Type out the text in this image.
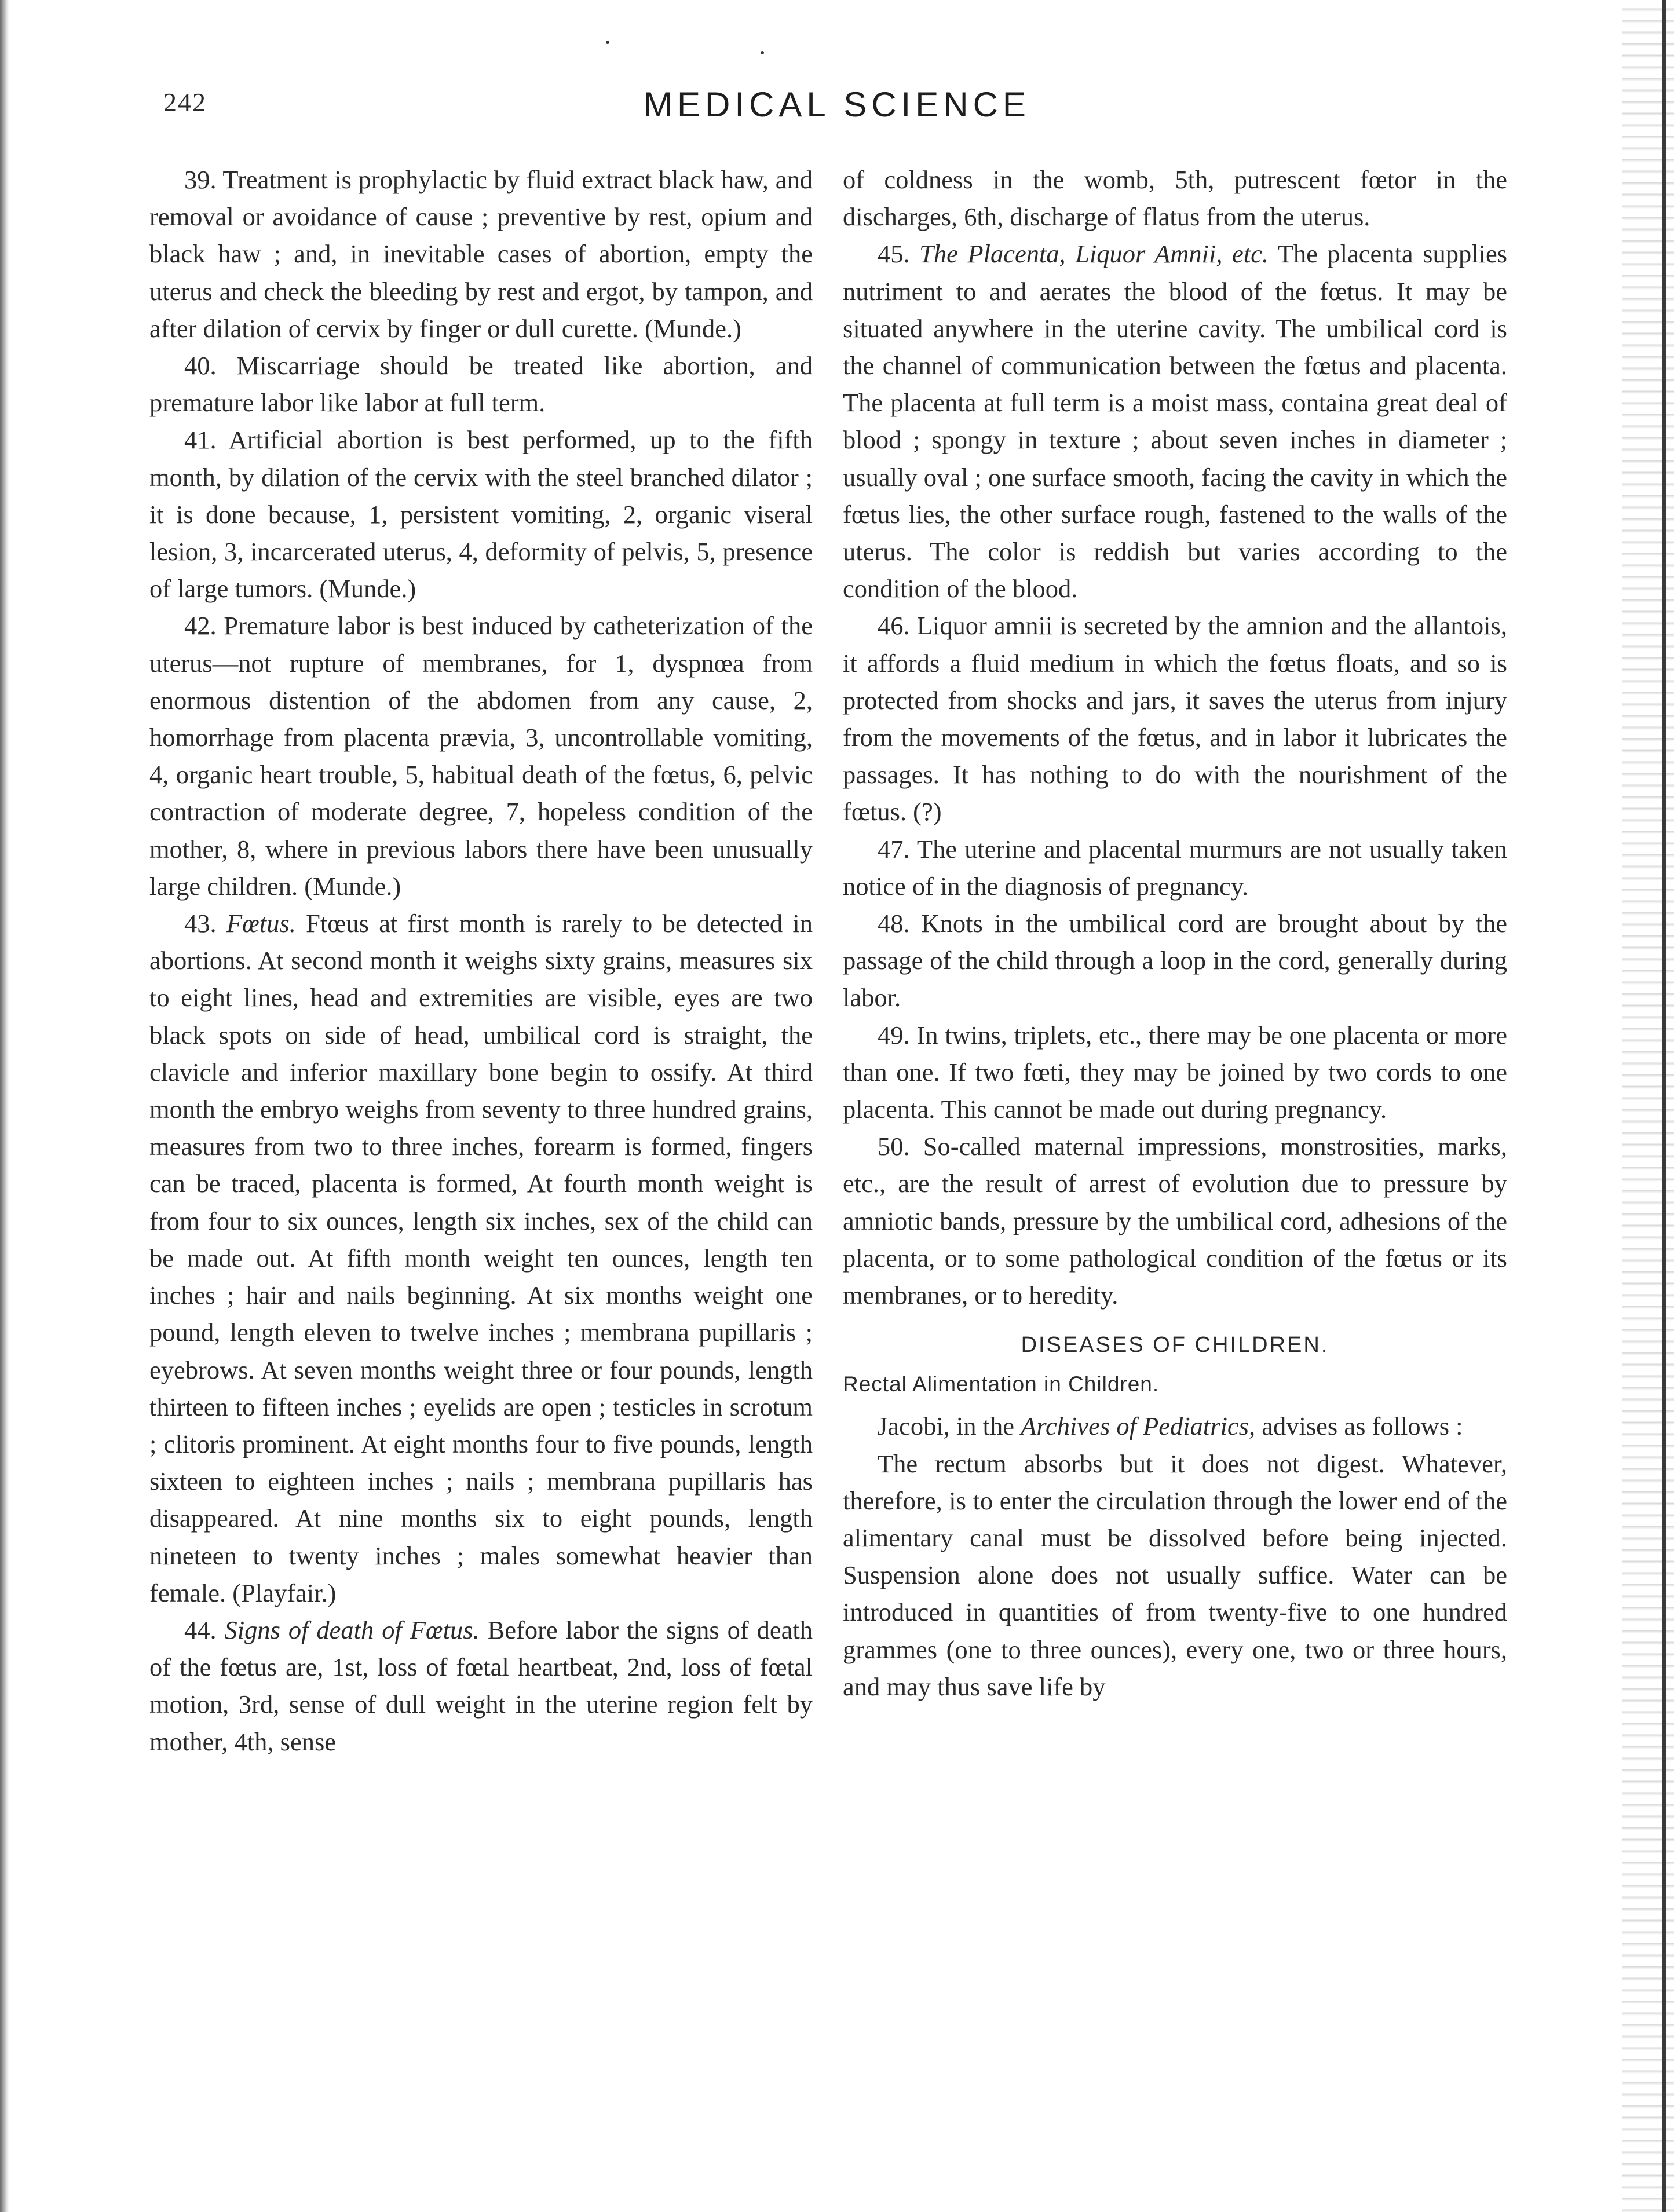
242	MEDICAL SCIENCE

39. Treatment is prophylactic by fluid extract black haw, and removal or avoidance of cause ; preventive by rest, opium and black haw ; and, in inevitable cases of abortion, empty the uterus and check the bleeding by rest and ergot, by tampon, and after dilation of cervix by finger or dull curette. (Munde.)

40. Miscarriage should be treated like abortion, and premature labor like labor at full term.

41. Artificial abortion is best performed, up to the fifth month, by dilation of the cervix with the steel branched dilator ; it is done because, 1, persistent vomiting, 2, organic viseral lesion, 3, incarcerated uterus, 4, deformity of pelvis, 5, presence of large tumors. (Munde.)

42. Premature labor is best induced by catheterization of the uterus—not rupture of membranes, for 1, dyspnœa from enormous distention of the abdomen from any cause, 2, homorrhage from placenta prævia, 3, uncontrollable vomiting, 4, organic heart trouble, 5, habitual death of the fœtus, 6, pelvic contraction of moderate degree, 7, hopeless condition of the mother, 8, where in previous labors there have been unusually large children. (Munde.)

43. Fœtus. Ftœus at first month is rarely to be detected in abortions. At second month it weighs sixty grains, measures six to eight lines, head and extremities are visible, eyes are two black spots on side of head, umbilical cord is straight, the clavicle and inferior maxillary bone begin to ossify. At third month the embryo weighs from seventy to three hundred grains, measures from two to three inches, forearm is formed, fingers can be traced, placenta is formed, At fourth month weight is from four to six ounces, length six inches, sex of the child can be made out. At fifth month weight ten ounces, length ten inches ; hair and nails beginning. At six months weight one pound, length eleven to twelve inches ; membrana pupillaris ; eyebrows. At seven months weight three or four pounds, length thirteen to fifteen inches ; eyelids are open ; testicles in scrotum ; clitoris prominent. At eight months four to five pounds, length sixteen to eighteen inches ; nails ; membrana pupillaris has disappeared. At nine months six to eight pounds, length nineteen to twenty inches ; males somewhat heavier than female. (Playfair.)

44. Signs of death of Fœtus. Before labor the signs of death of the fœtus are, 1st, loss of fœtal heartbeat, 2nd, loss of fœtal motion, 3rd, sense of dull weight in the uterine region felt by mother, 4th, sense

of coldness in the womb, 5th, putrescent fœtor in the discharges, 6th, discharge of flatus from the uterus.

45. The Placenta, Liquor Amnii, etc. The placenta supplies nutriment to and aerates the blood of the fœtus. It may be situated anywhere in the uterine cavity. The umbilical cord is the channel of communication between the fœtus and placenta. The placenta at full term is a moist mass, containa great deal of blood ; spongy in texture ; about seven inches in diameter ; usually oval ; one surface smooth, facing the cavity in which the fœtus lies, the other surface rough, fastened to the walls of the uterus. The color is reddish but varies according to the condition of the blood.

46. Liquor amnii is secreted by the amnion and the allantois, it affords a fluid medium in which the fœtus floats, and so is protected from shocks and jars, it saves the uterus from injury from the movements of the fœtus, and in labor it lubricates the passages. It has nothing to do with the nourishment of the fœtus. (?)

47. The uterine and placental murmurs are not usually taken notice of in the diagnosis of pregnancy.

48. Knots in the umbilical cord are brought about by the passage of the child through a loop in the cord, generally during labor.

49. In twins, triplets, etc., there may be one placenta or more than one. If two fœti, they may be joined by two cords to one placenta. This cannot be made out during pregnancy.

50. So-called maternal impressions, monstrosities, marks, etc., are the result of arrest of evolution due to pressure by amniotic bands, pressure by the umbilical cord, adhesions of the placenta, or to some pathological condition of the fœtus or its membranes, or to heredity.

DISEASES OF CHILDREN.
Rectal Alimentation in Children.

Jacobi, in the Archives of Pediatrics, advises as follows :

The rectum absorbs but it does not digest. Whatever, therefore, is to enter the circulation through the lower end of the alimentary canal must be dissolved before being injected. Suspension alone does not usually suffice. Water can be introduced in quantities of from twenty-five to one hundred grammes (one to three ounces), every one, two or three hours, and may thus save life by
